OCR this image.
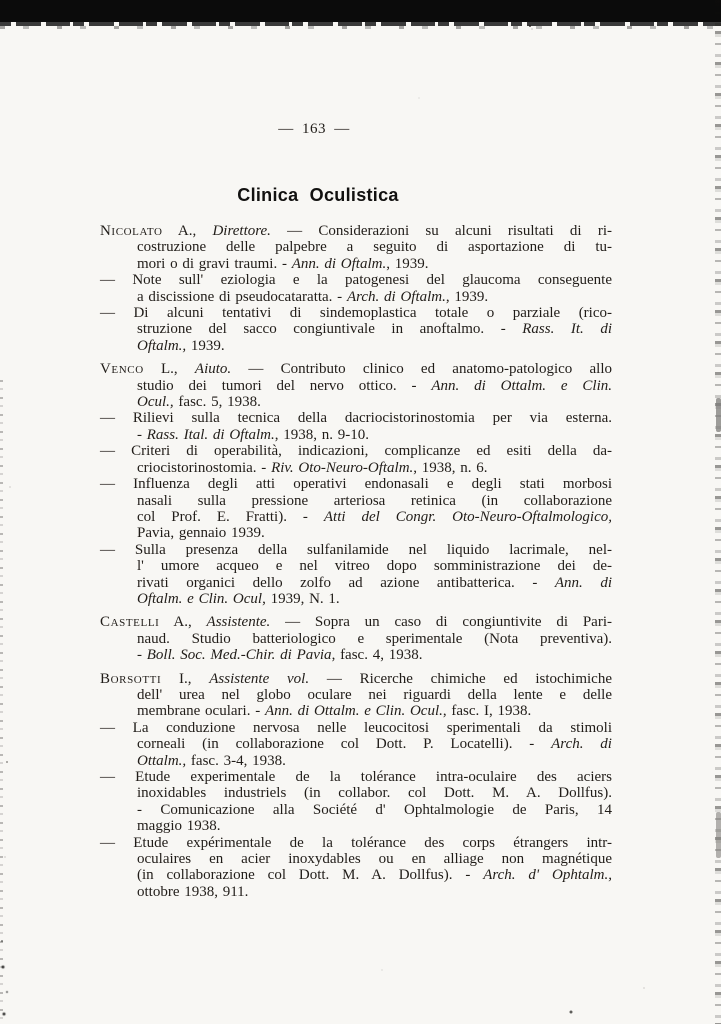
— 163 —
Clinica Oculistica
Nicolato A., Direttore. — Considerazioni su alcuni risultati di ri-
costruzione delle palpebre a seguito di asportazione di tu-
mori o di gravi traumi. - Ann. di Oftalm., 1939.
— Note sull' eziologia e la patogenesi del glaucoma conseguente
a discissione di pseudocataratta. - Arch. di Oftalm., 1939.
— Di alcuni tentativi di sindemoplastica totale o parziale (rico-
struzione del sacco congiuntivale in anoftalmo. - Rass. It. di
Oftalm., 1939.
Venco L., Aiuto. — Contributo clinico ed anatomo-patologico allo
studio dei tumori del nervo ottico. - Ann. di Ottalm. e Clin.
Ocul., fasc. 5, 1938.
— Rilievi sulla tecnica della dacriocistorinostomia per via esterna.
- Rass. Ital. di Oftalm., 1938, n. 9-10.
— Criteri di operabilità, indicazioni, complicanze ed esiti della da-
criocistorinostomia. - Riv. Oto-Neuro-Oftalm., 1938, n. 6.
— Influenza degli atti operativi endonasali e degli stati morbosi
nasali sulla pressione arteriosa retinica (in collaborazione
col Prof. E. Fratti). - Atti del Congr. Oto-Neuro-Oftalmologico,
Pavia, gennaio 1939.
— Sulla presenza della sulfanilamide nel liquido lacrimale, nel-
l' umore acqueo e nel vitreo dopo somministrazione dei de-
rivati organici dello zolfo ad azione antibatterica. - Ann. di
Oftalm. e Clin. Ocul, 1939, N. 1.
Castelli A., Assistente. — Sopra un caso di congiuntivite di Pari-
naud. Studio batteriologico e sperimentale (Nota preventiva).
- Boll. Soc. Med.-Chir. di Pavia, fasc. 4, 1938.
Borsotti I., Assistente vol. — Ricerche chimiche ed istochimiche
dell' urea nel globo oculare nei riguardi della lente e delle
membrane oculari. - Ann. di Ottalm. e Clin. Ocul., fasc. I, 1938.
— La conduzione nervosa nelle leucocitosi sperimentali da stimoli
corneali (in collaborazione col Dott. P. Locatelli). - Arch. di
Ottalm., fasc. 3-4, 1938.
— Etude experimentale de la tolérance intra-oculaire des aciers
inoxidables industriels (in collabor. col Dott. M. A. Dollfus).
- Comunicazione alla Société d' Ophtalmologie de Paris, 14
maggio 1938.
— Etude expérimentale de la tolérance des corps étrangers intr-
oculaires en acier inoxydables ou en alliage non magnétique
(in collaborazione col Dott. M. A. Dollfus). - Arch. d' Ophtalm.,
ottobre 1938, 911.
